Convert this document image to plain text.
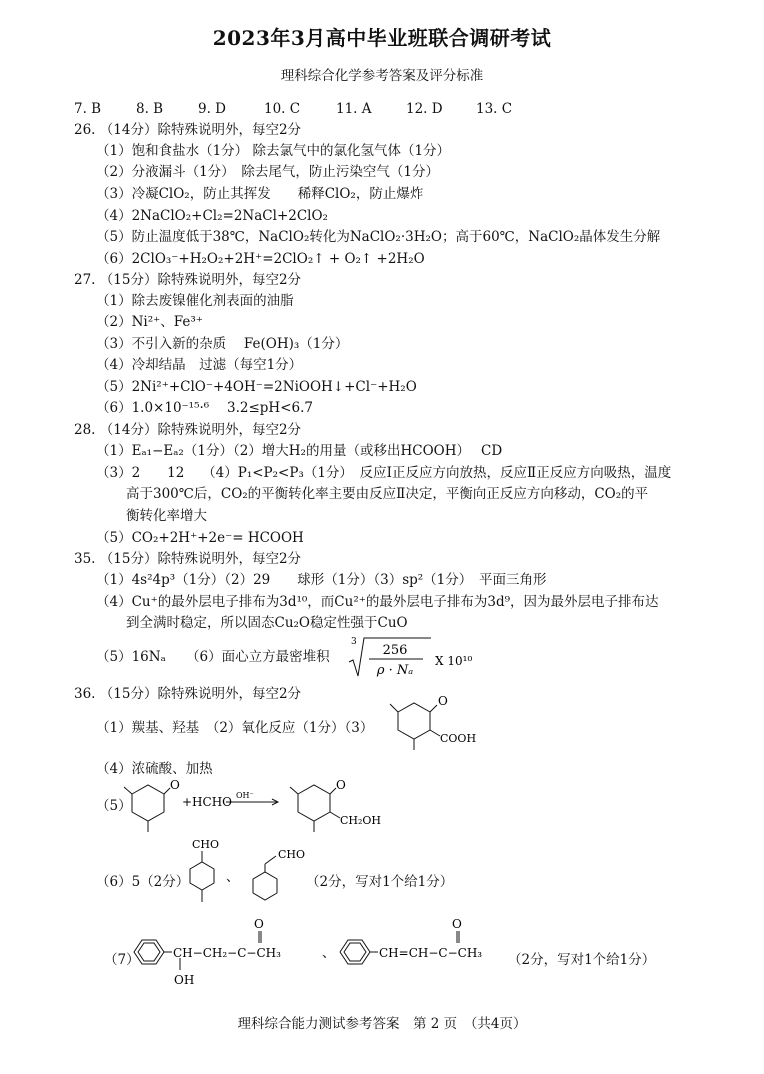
2023年3月高中毕业班联合调研考试
理科综合化学参考答案及评分标准
7. B	8. B	9. D	10. C	11. A	12. D 13. C
26. （14分）除特殊说明外，每空2分
（1）饱和食盐水（1分） 除去氯气中的氯化氢气体（1分）
（2）分液漏斗（1分）　除去尾气，防止污染空气（1分）
（3）冷凝ClO₂，防止其挥发　　稀释ClO₂，防止爆炸
（4）2NaClO₂+Cl₂=2NaCl+2ClO₂
（5）防止温度低于38℃，NaClO₂转化为NaClO₂·3H₂O；高于60℃，NaClO₂晶体发生分解
（6）2ClO₃⁻+H₂O₂+2H⁺=2ClO₂↑ + O₂↑ +2H₂O
27. （15分）除特殊说明外，每空2分
（1）除去废镍催化剂表面的油脂
（2）Ni²⁺、Fe³⁺
（3）不引入新的杂质　 Fe(OH)₃（1分）
（4）冷却结晶　过滤（每空1分）
（5）2Ni²⁺+ClO⁻+4OH⁻=2NiOOH↓+Cl⁻+H₂O
（6）1.0×10⁻¹⁵·⁶　 3.2≤pH<6.7
28. （14分）除特殊说明外，每空2分
（1）Eₐ₁−Eₐ₂（1分）（2）增大H₂的用量（或移出HCOOH）　 CD
（3）2　　12　 （4）P₁<P₂<P₃（1分）　反应Ⅰ正反应方向放热，反应Ⅱ正反应方向吸热，温度
高于300℃后，CO₂的平衡转化率主要由反应Ⅱ决定，平衡向正反应方向移动，CO₂的平
衡转化率增大
（5）CO₂+2H⁺+2e⁻= HCOOH
35. （15分）除特殊说明外，每空2分
（1）4s²4p³（1分）（2）29　　球形（1分）（3）sp²（1分）　平面三角形
（4）Cu⁺的最外层电子排布为3d¹⁰，而Cu²⁺的最外层电子排布为3d⁹，因为最外层电子排布达
到全满时稳定，所以固态Cu₂O稳定性强于CuO
（5）16Nₐ　　（6）面心立方最密堆积
3
256
ρ · Nₐ
X 10¹⁰
36. （15分）除特殊说明外，每空2分
（1）羰基、羟基　（2）氧化反应（1分）（3）
O
COOH
（4）浓硫酸、加热
（5）
O
+HCHO OH⁻
O
CH₂OH
（6）5（2分）
CHO
、
CHO
（2分，写对1个给1分）
（7）
O
CH−CH₂−C−CH₃
OH
、
O
CH=CH−C−CH₃ （2分，写对1个给1分）
理科综合能力测试参考答案　第 2 页　（共4页）
